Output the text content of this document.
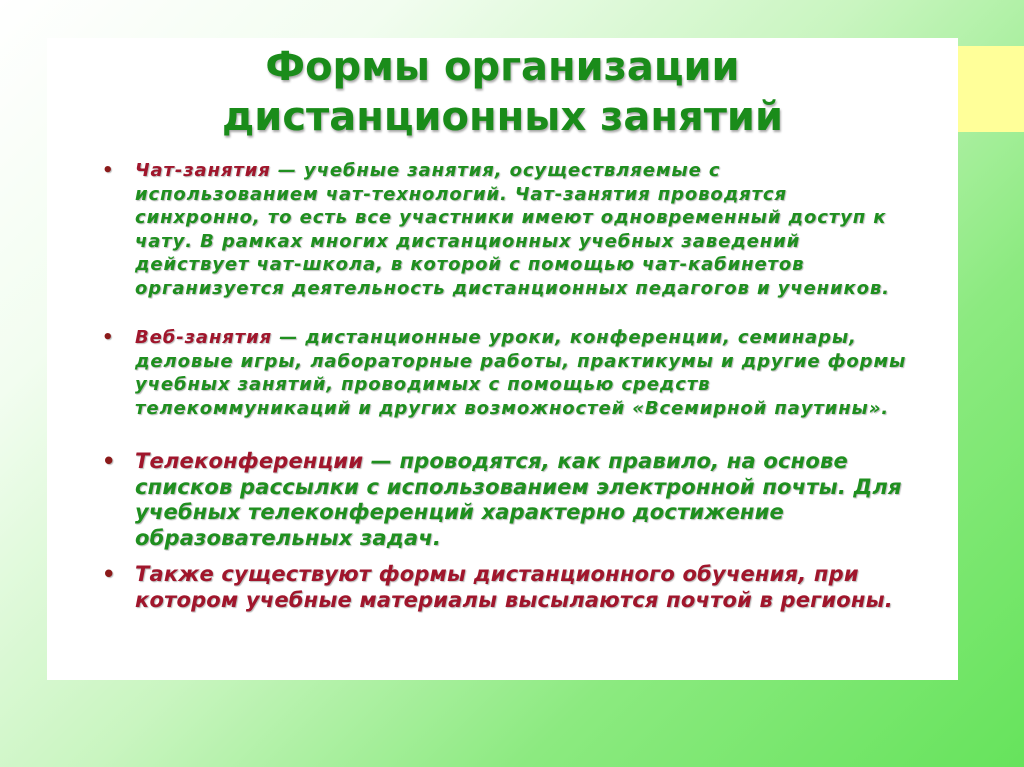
Формы организации
дистанционных занятий
• Чат-занятия — учебные занятия, осуществляемые с использованием чат-технологий. Чат-занятия проводятся синхронно, то есть все участники имеют одновременный доступ к чату. В рамках многих дистанционных учебных заведений действует чат-школа, в которой с помощью чат-кабинетов организуется деятельность дистанционных педагогов и учеников.
• Веб-занятия — дистанционные уроки, конференции, семинары, деловые игры, лабораторные работы, практикумы и другие формы учебных занятий, проводимых с помощью средств телекоммуникаций и других возможностей «Всемирной паутины».
• Телеконференции — проводятся, как правило, на основе списков рассылки с использованием электронной почты. Для учебных телеконференций характерно достижение образовательных задач.
• Также существуют формы дистанционного обучения, при котором учебные материалы высылаются почтой в регионы.
